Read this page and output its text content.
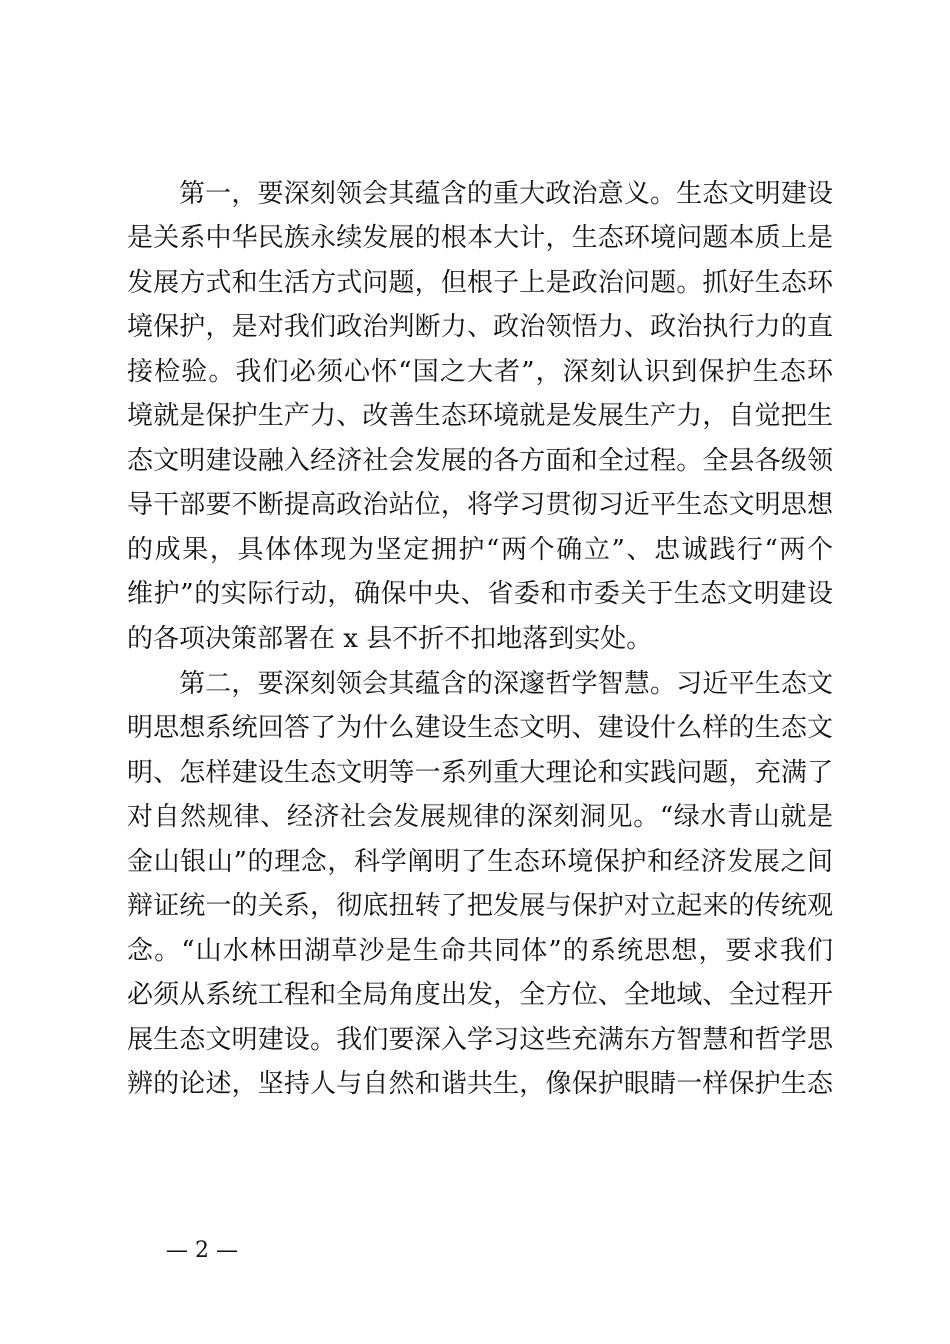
第一，要深刻领会其蕴含的重大政治意义。生态文明建设
是关系中华民族永续发展的根本大计，生态环境问题本质上是
发展方式和生活方式问题，但根子上是政治问题。抓好生态环
境保护，是对我们政治判断力、政治领悟力、政治执行力的直
接检验。我们必须心怀“国之大者”，深刻认识到保护生态环
境就是保护生产力、改善生态环境就是发展生产力，自觉把生
态文明建设融入经济社会发展的各方面和全过程。全县各级领
导干部要不断提高政治站位，将学习贯彻习近平生态文明思想
的成果，具体体现为坚定拥护“两个确立”、忠诚践行“两个
维护”的实际行动，确保中央、省委和市委关于生态文明建设
的各项决策部署在 x 县不折不扣地落到实处。
第二，要深刻领会其蕴含的深邃哲学智慧。习近平生态文
明思想系统回答了为什么建设生态文明、建设什么样的生态文
明、怎样建设生态文明等一系列重大理论和实践问题，充满了
对自然规律、经济社会发展规律的深刻洞见。“绿水青山就是
金山银山”的理念，科学阐明了生态环境保护和经济发展之间
辩证统一的关系，彻底扭转了把发展与保护对立起来的传统观
念。“山水林田湖草沙是生命共同体”的系统思想，要求我们
必须从系统工程和全局角度出发，全方位、全地域、全过程开
展生态文明建设。我们要深入学习这些充满东方智慧和哲学思
辨的论述，坚持人与自然和谐共生，像保护眼睛一样保护生态
— 2 —
